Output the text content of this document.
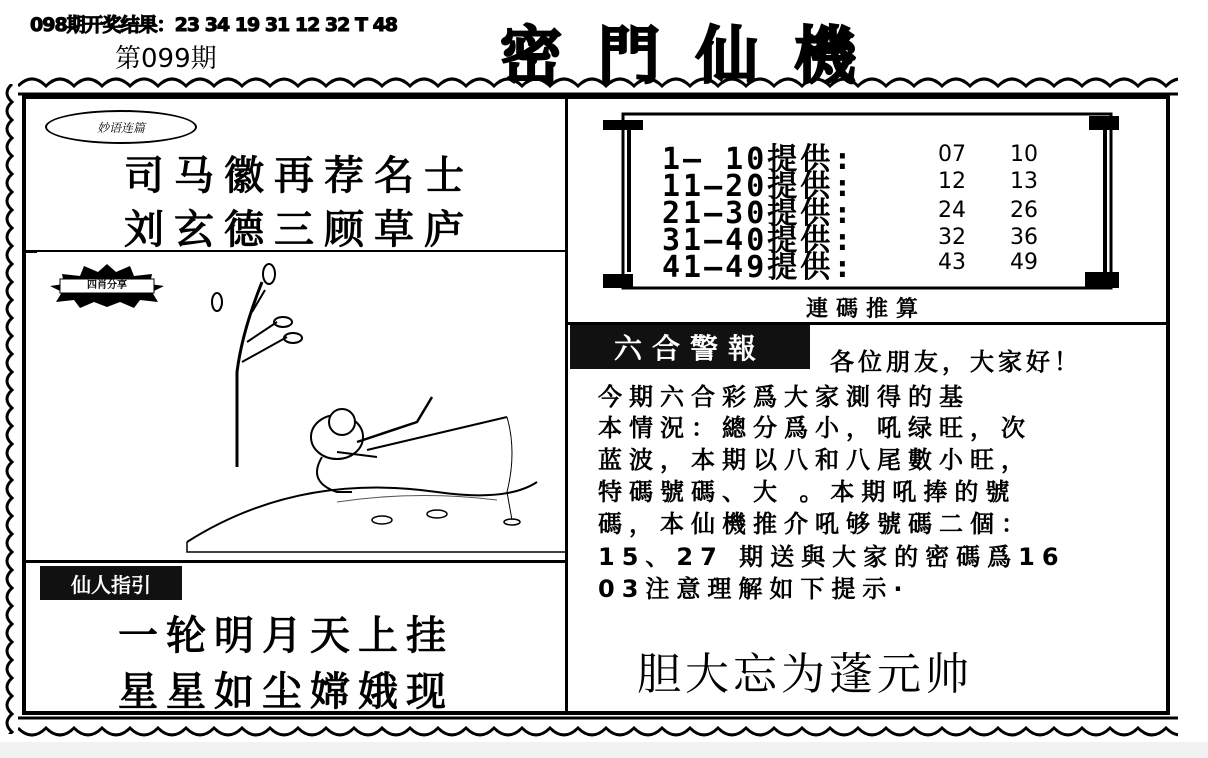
098期开奖结果：23 34 19 31 12 32 T 48
第099期	密門仙機
妙语连篇
司马徽再荐名士
刘玄德三顾草庐
四肖分享
仙人指引
一轮明月天上挂
星星如尘嫦娥现
1— 10提供:
11—20提供:
21—30提供:
31—40提供:
41—49提供:
07 10
12 13
24 26
32 36
43 49
連碼推算
六合警報	各位朋友，大家好！
今期六合彩爲大家測得的基
本情況：總分爲小，吼绿旺，次
蓝波，本期以八和八尾數小旺，
特碼號碼、大 。本期吼捧的號
碼，本仙機推介吼够號碼二個：
15、27 期送與大家的密碼爲16
03注意理解如下提示·
胆大忘为蓬元帅
